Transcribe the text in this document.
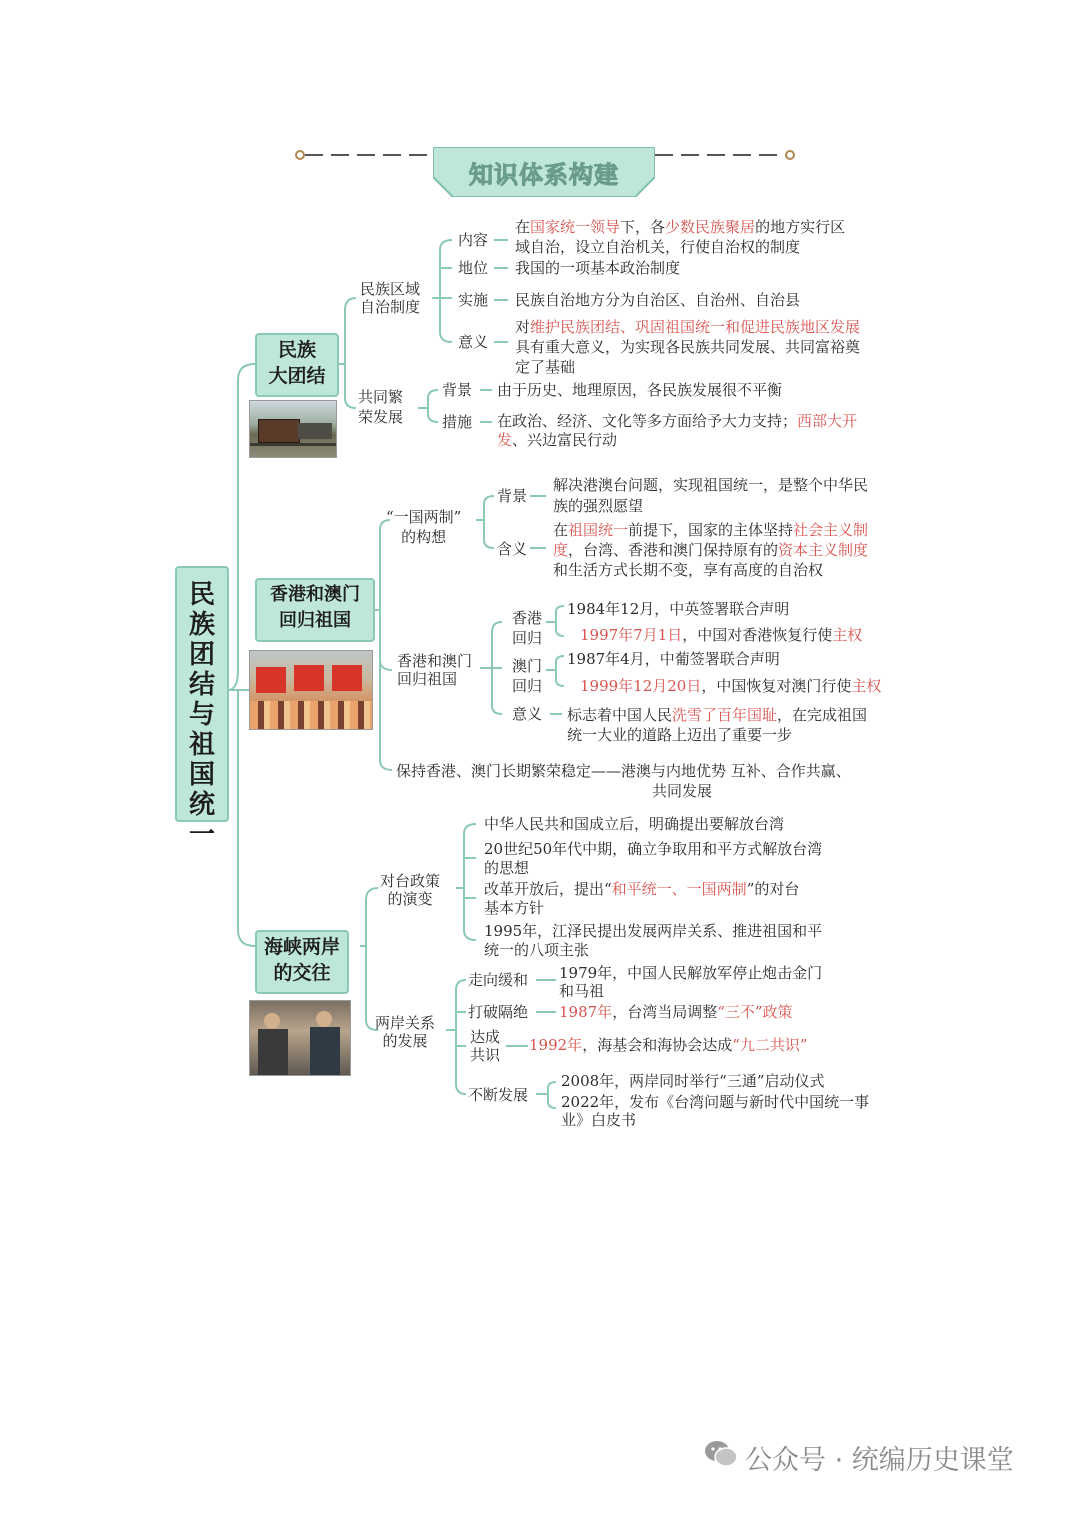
知识体系构建
民族团结与祖国统一
民族
大团结
民族区域
自治制度
内容
在国家统一领导下，各少数民族聚居的地方实行区
域自治，设立自治机关，行使自治权的制度
地位 我国的一项基本政治制度
实施 民族自治地方分为自治区、自治州、自治县
意义
对维护民族团结、巩固祖国统一和促进民族地区发展
具有重大意义，为实现各民族共同发展、共同富裕奠
定了基础
共同繁
荣发展
背景 由于历史、地理原因，各民族发展很不平衡
措施 在政治、经济、文化等多方面给予大力支持；西部大开
发、兴边富民行动
香港和澳门
回归祖国
“一国两制”
的构想
背景
解决港澳台问题，实现祖国统一，是整个中华民
族的强烈愿望
含义
在祖国统一前提下，国家的主体坚持社会主义制
度，台湾、香港和澳门保持原有的资本主义制度
和生活方式长期不变，享有高度的自治权
香港和澳门
回归祖国
香港
回归
1984年12月，中英签署联合声明
1997年7月1日，中国对香港恢复行使主权
澳门
回归
1987年4月，中葡签署联合声明
1999年12月20日，中国恢复对澳门行使主权
意义 标志着中国人民洗雪了百年国耻，在完成祖国
统一大业的道路上迈出了重要一步
保持香港、澳门长期繁荣稳定——港澳与内地优势 互补、合作共赢、
共同发展
海峡两岸
的交往
对台政策
的演变
中华人民共和国成立后，明确提出要解放台湾
20世纪50年代中期，确立争取用和平方式解放台湾
的思想
改革开放后，提出“和平统一、一国两制”的对台
基本方针
1995年，江泽民提出发展两岸关系、推进祖国和平
统一的八项主张
两岸关系
的发展
走向缓和 1979年，中国人民解放军停止炮击金门
和马祖
打破隔绝 1987年，台湾当局调整“三不”政策
达成
共识
1992年，海基会和海协会达成“九二共识”
不断发展
2008年，两岸同时举行“三通”启动仪式
2022年，发布《台湾问题与新时代中国统一事
业》白皮书
公众号 · 统编历史课堂
